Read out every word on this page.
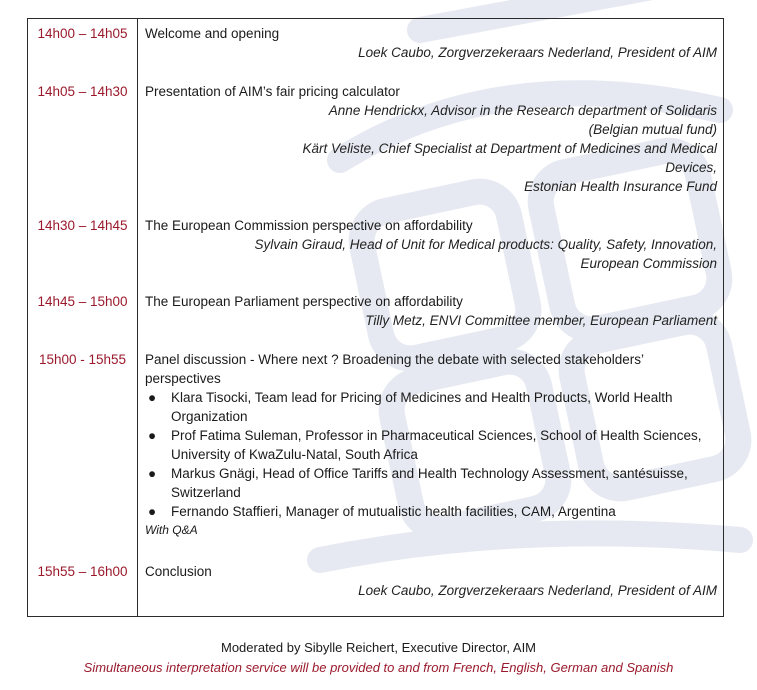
14h00 – 14h05	Welcome and opening
Loek Caubo, Zorgverzekeraars Nederland, President of AIM
14h05 – 14h30	Presentation of AIM’s fair pricing calculator
Anne Hendrickx, Advisor in the Research department of Solidaris
(Belgian mutual fund)
Kärt Veliste, Chief Specialist at Department of Medicines and Medical
Devices,
Estonian Health Insurance Fund
14h30 – 14h45	The European Commission perspective on affordability
Sylvain Giraud, Head of Unit for Medical products: Quality, Safety, Innovation,
European Commission
14h45 – 15h00	The European Parliament perspective on affordability
Tilly Metz, ENVI Committee member, European Parliament
15h00 - 15h55	Panel discussion - Where next ? Broadening the debate with selected stakeholders’ perspectives
● Klara Tisocki, Team lead for Pricing of Medicines and Health Products, World Health Organization
● Prof Fatima Suleman, Professor in Pharmaceutical Sciences, School of Health Sciences, University of KwaZulu-Natal, South Africa
● Markus Gnägi, Head of Office Tariffs and Health Technology Assessment, santésuisse, Switzerland
● Fernando Staffieri, Manager of mutualistic health facilities, CAM, Argentina
With Q&A
15h55 – 16h00	Conclusion
Loek Caubo, Zorgverzekeraars Nederland, President of AIM
Moderated by Sibylle Reichert, Executive Director, AIM
Simultaneous interpretation service will be provided to and from French, English, German and Spanish
